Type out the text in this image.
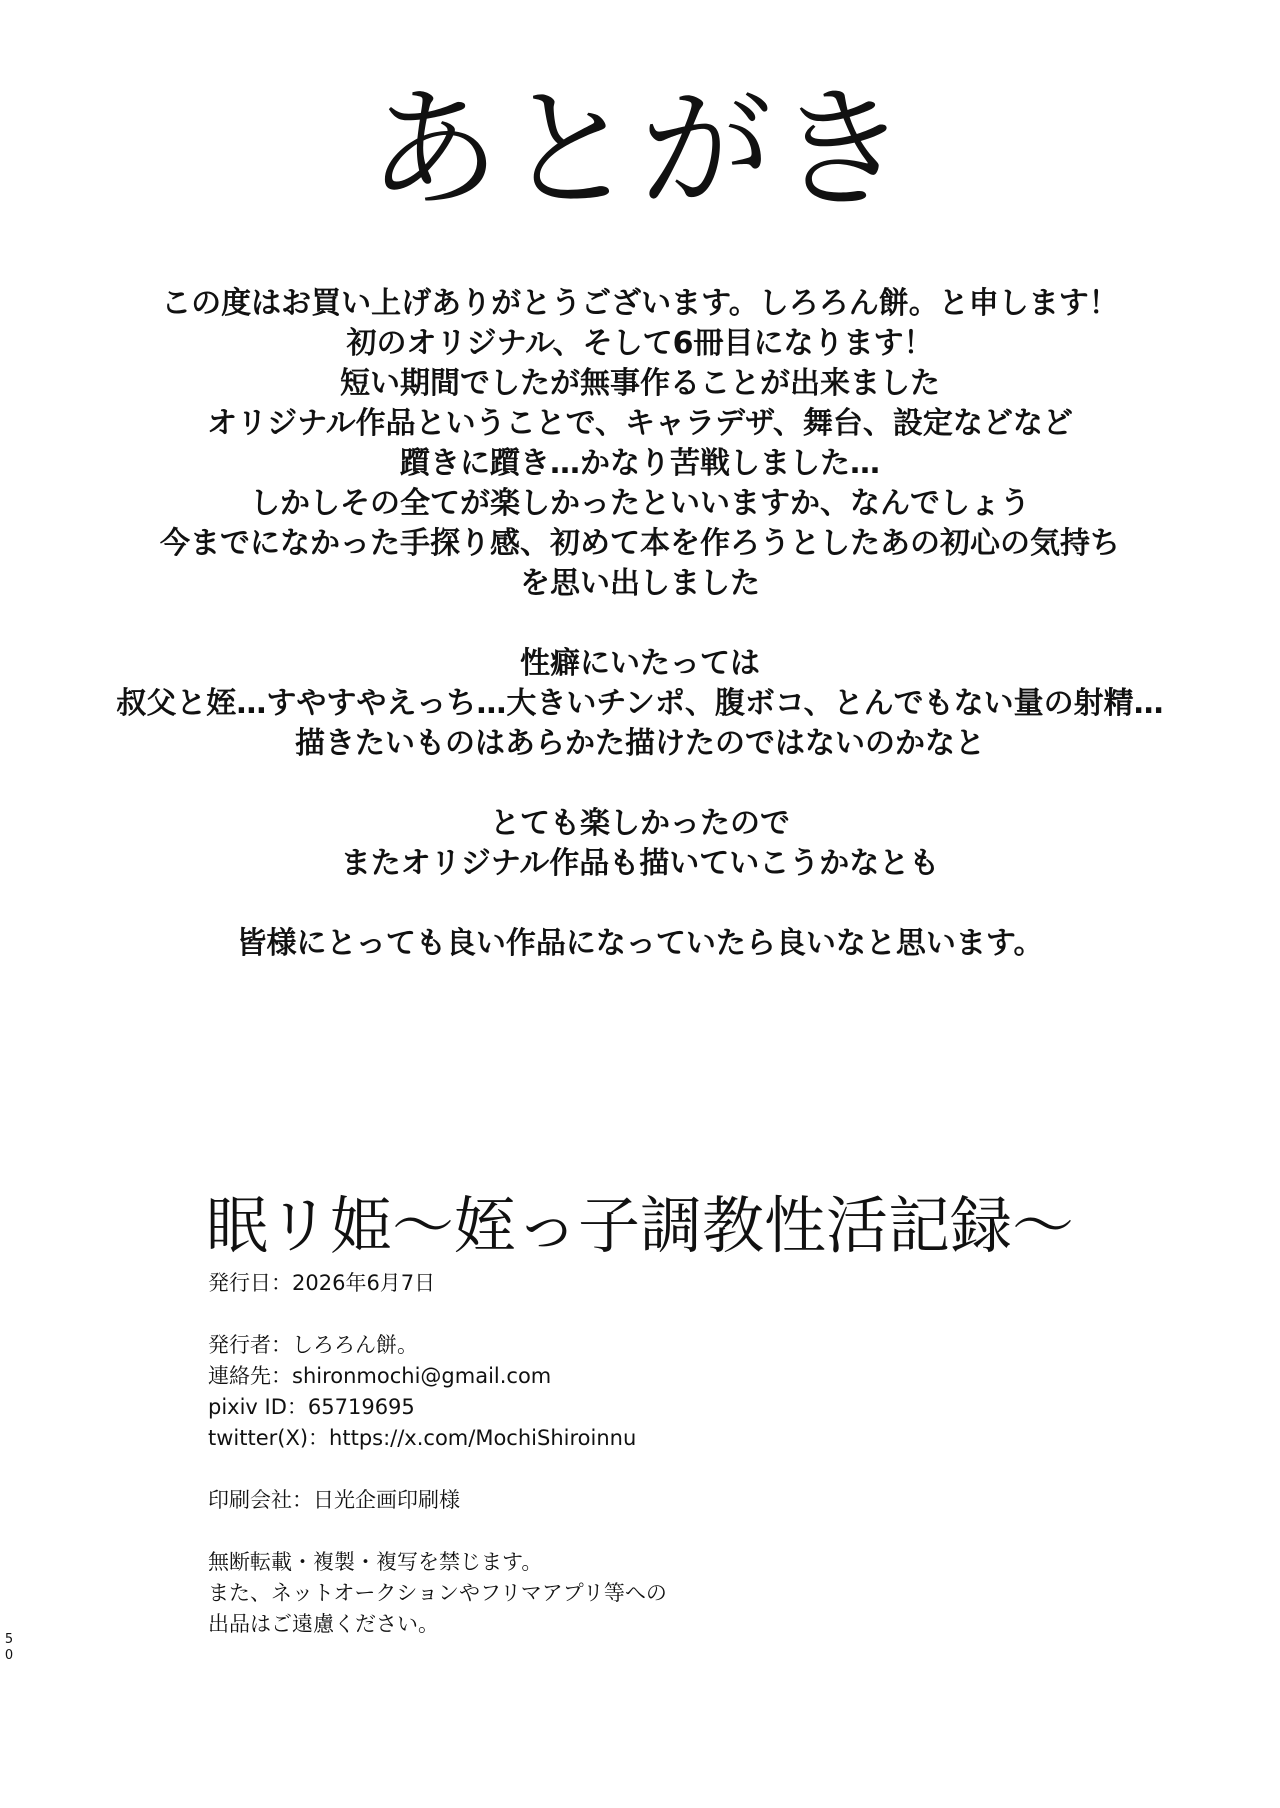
あとがき
この度はお買い上げありがとうございます。しろろん餅。と申します！
初のオリジナル、そして6冊目になります！
短い期間でしたが無事作ることが出来ました
オリジナル作品ということで、キャラデザ、舞台、設定などなど
躓きに躓き…かなり苦戦しました…
しかしその全てが楽しかったといいますか、なんでしょう
今までになかった手探り感、初めて本を作ろうとしたあの初心の気持ち
を思い出しました
性癖にいたっては
叔父と姪…すやすやえっち…大きいチンポ、腹ボコ、とんでもない量の射精…
描きたいものはあらかた描けたのではないのかなと
とても楽しかったので
またオリジナル作品も描いていこうかなとも
皆様にとっても良い作品になっていたら良いなと思います。
眠リ姫～姪っ子調教性活記録～
発行日：2026年6月7日
発行者：しろろん餅。
連絡先：shironmochi@gmail.com
pixiv ID：65719695
twitter(X)：https://x.com/MochiShiroinnu
印刷会社：日光企画印刷様
無断転載・複製・複写を禁じます。
また、ネットオークションやフリマアプリ等への
出品はご遠慮ください。
50
